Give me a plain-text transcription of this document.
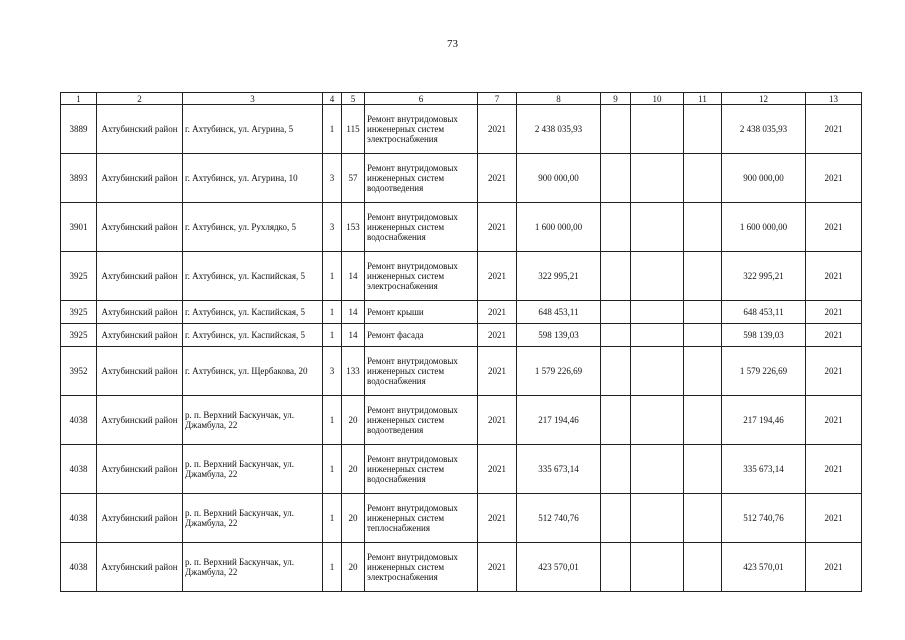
73
1	2	3	4	5	6	7	8	9	10	11	12	13
3889	Ахтубинский район	г. Ахтубинск, ул. Агурина, 5	1	115	Ремонт внутридомовых инженерных систем электроснабжения	2021	2 438 035,93				2 438 035,93	2021
3893	Ахтубинский район	г. Ахтубинск, ул. Агурина, 10	3	57	Ремонт внутридомовых инженерных систем водоотведения	2021	900 000,00				900 000,00	2021
3901	Ахтубинский район	г. Ахтубинск, ул. Рухлядко, 5	3	153	Ремонт внутридомовых инженерных систем водоснабжения	2021	1 600 000,00				1 600 000,00	2021
3925	Ахтубинский район	г. Ахтубинск, ул. Каспийская, 5	1	14	Ремонт внутридомовых инженерных систем электроснабжения	2021	322 995,21				322 995,21	2021
3925	Ахтубинский район	г. Ахтубинск, ул. Каспийская, 5	1	14	Ремонт крыши	2021	648 453,11				648 453,11	2021
3925	Ахтубинский район	г. Ахтубинск, ул. Каспийская, 5	1	14	Ремонт фасада	2021	598 139,03				598 139,03	2021
3952	Ахтубинский район	г. Ахтубинск, ул. Щербакова, 20	3	133	Ремонт внутридомовых инженерных систем водоснабжения	2021	1 579 226,69				1 579 226,69	2021
4038	Ахтубинский район	р. п. Верхний Баскунчак, ул. Джамбула, 22	1	20	Ремонт внутридомовых инженерных систем водоотведения	2021	217 194,46				217 194,46	2021
4038	Ахтубинский район	р. п. Верхний Баскунчак, ул. Джамбула, 22	1	20	Ремонт внутридомовых инженерных систем водоснабжения	2021	335 673,14				335 673,14	2021
4038	Ахтубинский район	р. п. Верхний Баскунчак, ул. Джамбула, 22	1	20	Ремонт внутридомовых инженерных систем теплоснабжения	2021	512 740,76				512 740,76	2021
4038	Ахтубинский район	р. п. Верхний Баскунчак, ул. Джамбула, 22	1	20	Ремонт внутридомовых инженерных систем электроснабжения	2021	423 570,01				423 570,01	2021
